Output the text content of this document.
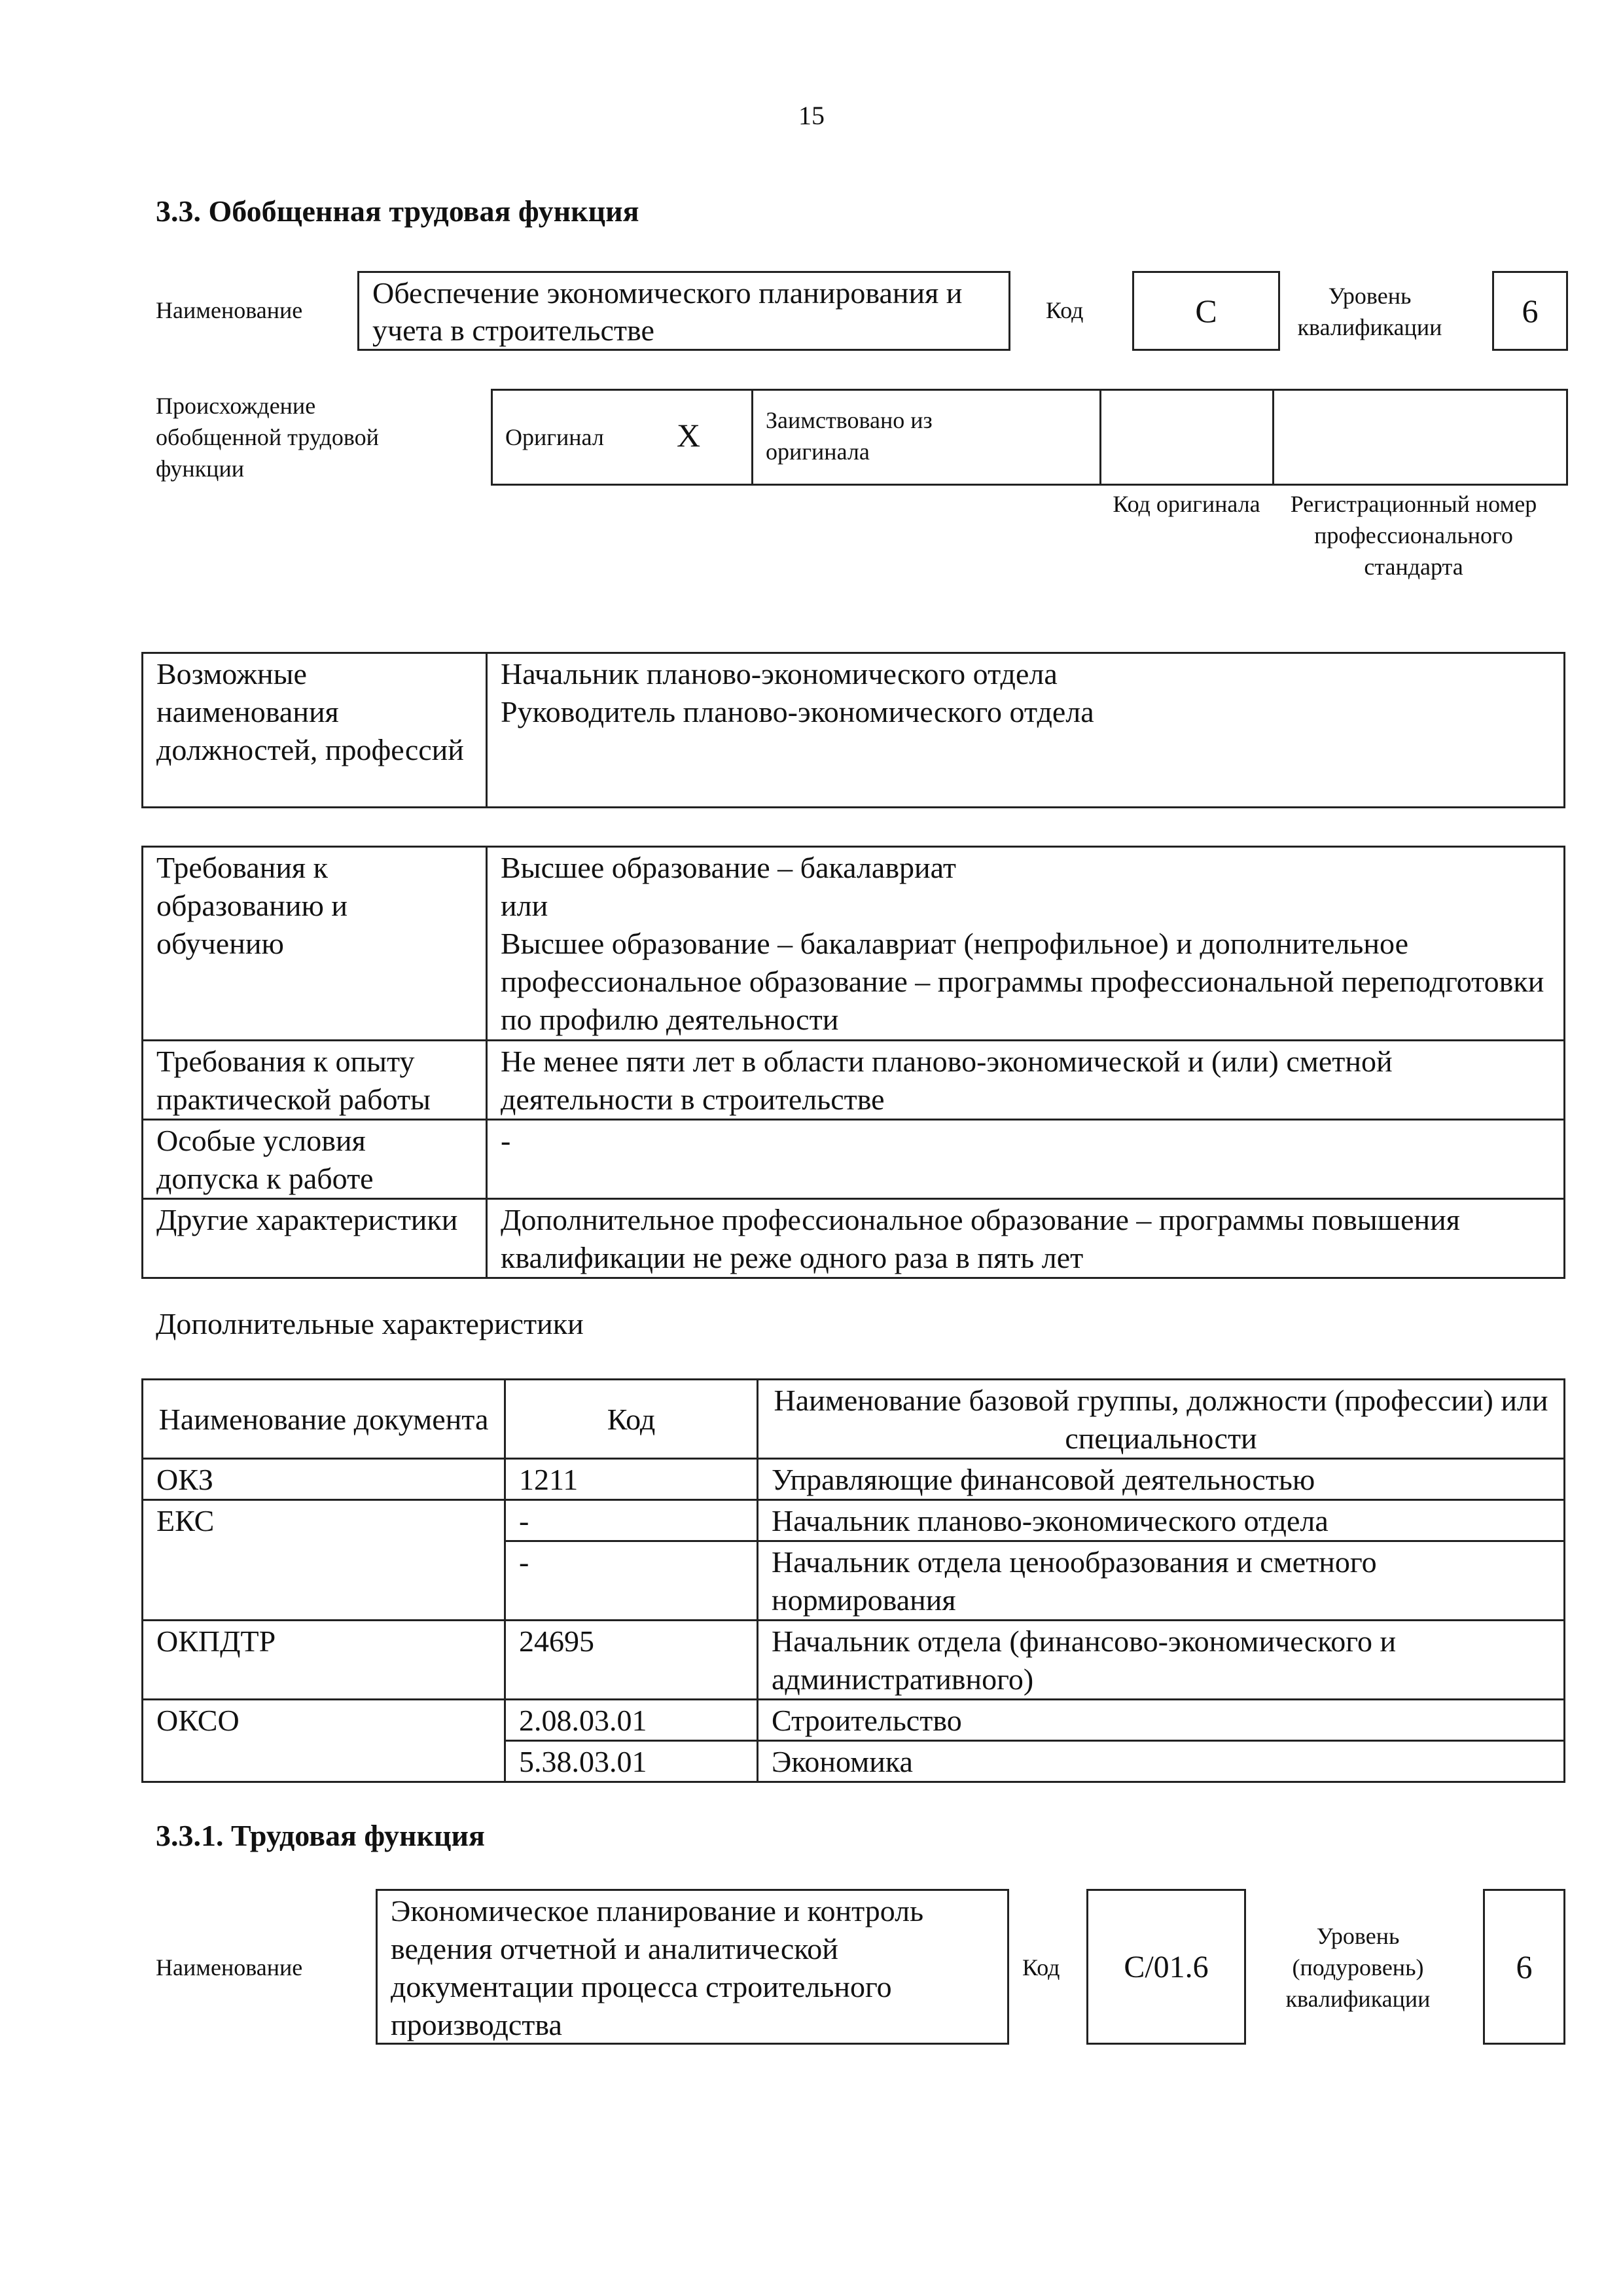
15
3.3. Обобщенная трудовая функция
Наименование
Обеспечение экономического планирования и учета в строительстве
Код	C	Уровень квалификации 6
Происхождение обобщенной трудовой функции
Оригинал X	Заимствовано из оригинала
Код оригинала	Регистрационный номер профессионального стандарта
Возможные наименования должностей, профессий	
Начальник планово-экономического отдела
Руководитель планово-экономического отдела
Требования к образованию и обучению	Высшее образование – бакалавриат
или
Высшее образование – бакалавриат (непрофильное) и дополнительное профессиональное образование – программы профессиональной переподготовки по профилю деятельности

Требования к опыту практической работы	Не менее пяти лет в области планово-экономической и (или) сметной деятельности в строительстве
Особые условия допуска к работе	-
Другие характеристики	Дополнительное профессиональное образование – программы повышения квалификации не реже одного раза в пять лет
Дополнительные характеристики
Наименование документа	Код	Наименование базовой группы, должности (профессии) или специальности
ОКЗ	1211	Управляющие финансовой деятельностью
ЕКС	-	Начальник планово-экономического отдела
	-	Начальник отдела ценообразования и сметного нормирования
ОКПДТР	24695	Начальник отдела (финансово-экономического и административного)
ОКСО	2.08.03.01	Строительство
	5.38.03.01	Экономика
3.3.1. Трудовая функция
Наименование
Экономическое планирование и контроль ведения отчетной и аналитической документации процесса строительного производства
Код C/01.6
Уровень (подуровень) квалификации
6
